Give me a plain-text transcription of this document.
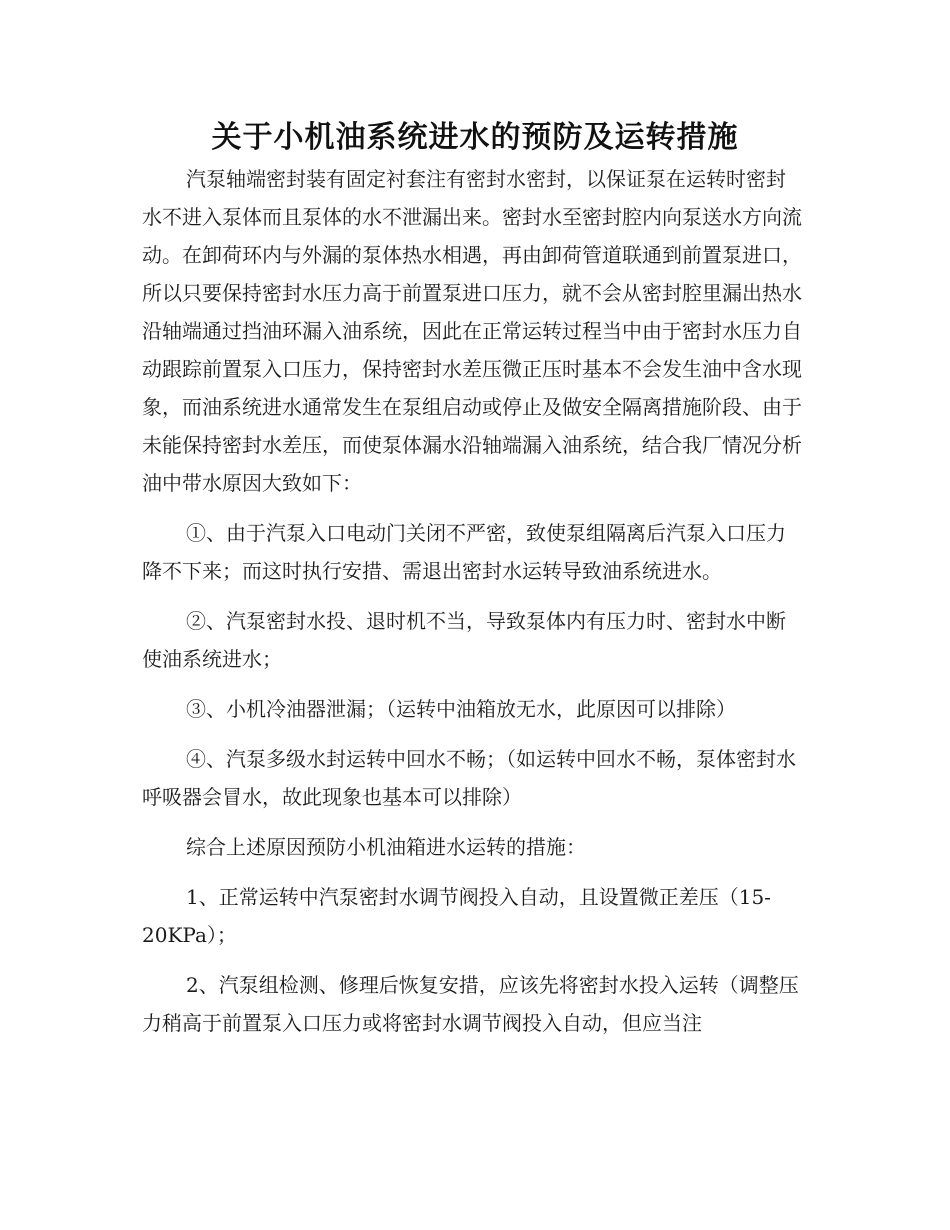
关于小机油系统进水的预防及运转措施

汽泵轴端密封装有固定衬套注有密封水密封，以保证泵在运转时密封水不进入泵体而且泵体的水不泄漏出来。密封水至密封腔内向泵送水方向流动。在卸荷环内与外漏的泵体热水相遇，再由卸荷管道联通到前置泵进口，所以只要保持密封水压力高于前置泵进口压力，就不会从密封腔里漏出热水沿轴端通过挡油环漏入油系统，因此在正常运转过程当中由于密封水压力自动跟踪前置泵入口压力，保持密封水差压微正压时基本不会发生油中含水现象，而油系统进水通常发生在泵组启动或停止及做安全隔离措施阶段、由于未能保持密封水差压，而使泵体漏水沿轴端漏入油系统，结合我厂情况分析油中带水原因大致如下：

①、由于汽泵入口电动门关闭不严密，致使泵组隔离后汽泵入口压力降不下来；而这时执行安措、需退出密封水运转导致油系统进水。

②、汽泵密封水投、退时机不当，导致泵体内有压力时、密封水中断使油系统进水；

③、小机冷油器泄漏；（运转中油箱放无水，此原因可以排除）

④、汽泵多级水封运转中回水不畅；（如运转中回水不畅，泵体密封水呼吸器会冒水，故此现象也基本可以排除）

综合上述原因预防小机油箱进水运转的措施：

1、正常运转中汽泵密封水调节阀投入自动，且设置微正差压（15-20KPa）；

2、汽泵组检测、修理后恢复安措，应该先将密封水投入运转（调整压力稍高于前置泵入口压力或将密封水调节阀投入自动，但应当注
